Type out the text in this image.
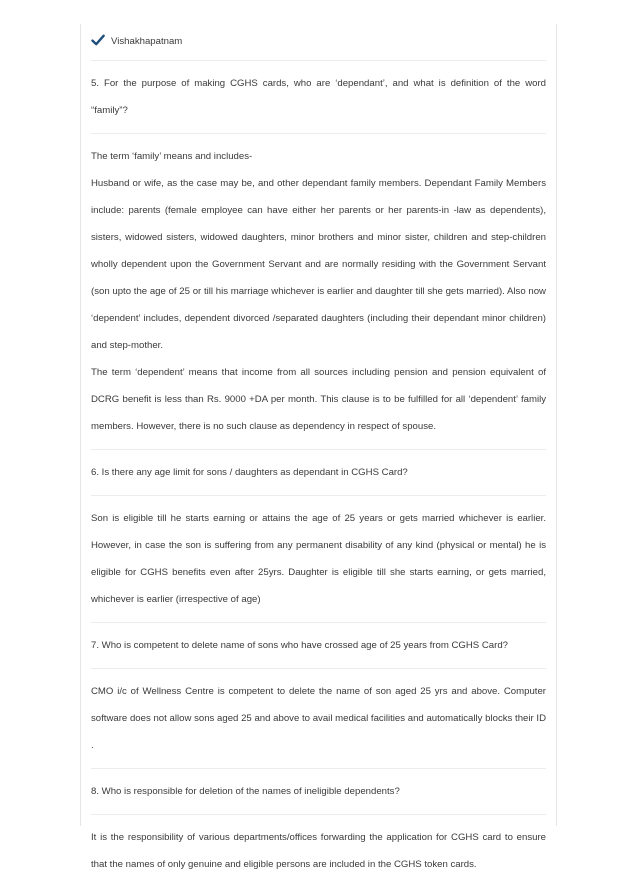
Vishakhapatnam

5. For the purpose of making CGHS cards, who are ‘dependant’, and what is definition of the word “family”?

The term ‘family’ means and includes-

Husband or wife, as the case may be, and other dependant family members. Dependant Family Members include: parents (female employee can have either her parents or her parents-in -law as dependents), sisters, widowed sisters, widowed daughters, minor brothers and minor sister, children and step-children wholly dependent upon the Government Servant and are normally residing with the Government Servant (son upto the age of 25 or till his marriage whichever is earlier and daughter till she gets married). Also now ‘dependent’ includes, dependent divorced /separated daughters (including their dependant minor children) and step-mother.

The term ‘dependent’ means that income from all sources including pension and pension equivalent of DCRG benefit is less than Rs. 9000 +DA per month. This clause is to be fulfilled for all ‘dependent’ family members. However, there is no such clause as dependency in respect of spouse.

6. Is there any age limit for sons / daughters as dependant in CGHS Card?

Son is eligible till he starts earning or attains the age of 25 years or gets married whichever is earlier. However, in case the son is suffering from any permanent disability of any kind (physical or mental) he is eligible for CGHS benefits even after 25yrs. Daughter is eligible till she starts earning, or gets married, whichever is earlier (irrespective of age)

7. Who is competent to delete name of sons who have crossed age of 25 years from CGHS Card?

CMO i/c of Wellness Centre is competent to delete the name of son aged 25 yrs and above. Computer software does not allow sons aged 25 and above to avail medical facilities and automatically blocks their ID .

8. Who is responsible for deletion of the names of ineligible dependents?

It is the responsibility of various departments/offices forwarding the application for CGHS card to ensure that the names of only genuine and eligible persons are included in the CGHS token cards.
